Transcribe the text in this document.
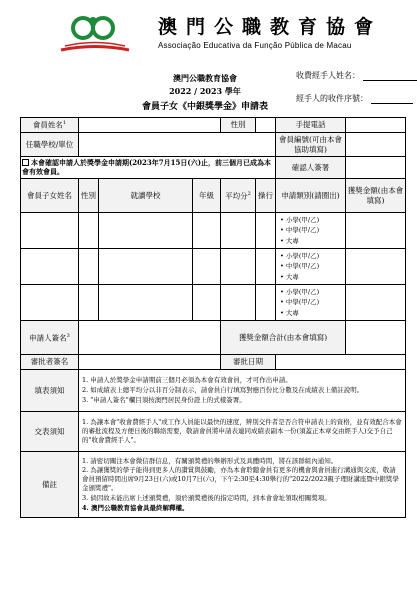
澳門公職教育協會
Associação Educativa da Função Pública de Macau
澳門公職教育協會
2022 / 2023 學年
會員子女《中銀獎學金》申請表
收費經手人姓名：
經手人的收件序號：
會員姓名$^1$				性別		手提電話	
任職學校/單位						會員編號(可由本會協助填寫)	
本會確認申請人於獎學金申請期(2023年7月15日(六)止，前三個月已成為本會有效會員。						確認人簽署	
會員子女姓名	性別	就讀學校	年級	平均分$^2$	操行	申請類別(請圈出)	獲獎金額(由本會填寫)

						• 小學(甲/乙)
• 中學(甲/乙)
• 大專	

						• 小學(甲/乙)
• 中學(甲/乙)
• 大專	

						• 小學(甲/乙)
• 中學(甲/乙)
• 大專	

申請人簽名$^3$				獲獎金額合計(由本會填寫)			
審批者簽名				審批日期			
填表須知	1. 申請人於獎學金申請期前三個月必須為本會有效會員，才可作出申請。

2. 如成績表上總平均分以非百分制表示，請會員自行填寫對應百份比分數及在成績表上備註說明。

3. "申請人簽名"欄目須按澳門居民身份證上的式樣簽署。						

交表須知	1. 為讓本會"收會費經手人"或工作人員能以最快的速度，辨別交件者是否合符申請表上的資格，並有效配合本會的審批流程及方便日後的聯絡需要，敬請會員將申請表連同成績表副本一份(須蓋正本章交由經手人)交予自己的"收會費經手人"。						

備註	1. 請密切關注本會微信群信息，有關頒獎禮的舉辦形式及具體時間，將在該群組內通知。

2. 為讓獲獎的學子能得到更多人的讚賞與鼓勵，亦為本會聆聽會員有更多的機會與會員進行溝通與交流，敬請會員預留時間出席9月23日(六)或10月7日(六)，下午2:30至4:30舉行的"2022/2023親子理財講座暨中銀獎學金頒獎禮"。

3. 倘因故未能出席上述頒獎禮，須於頒獎禮後的指定時間，到本會會址領取相關獎項。

4. 澳門公職教育協會具最終解釋權。						
